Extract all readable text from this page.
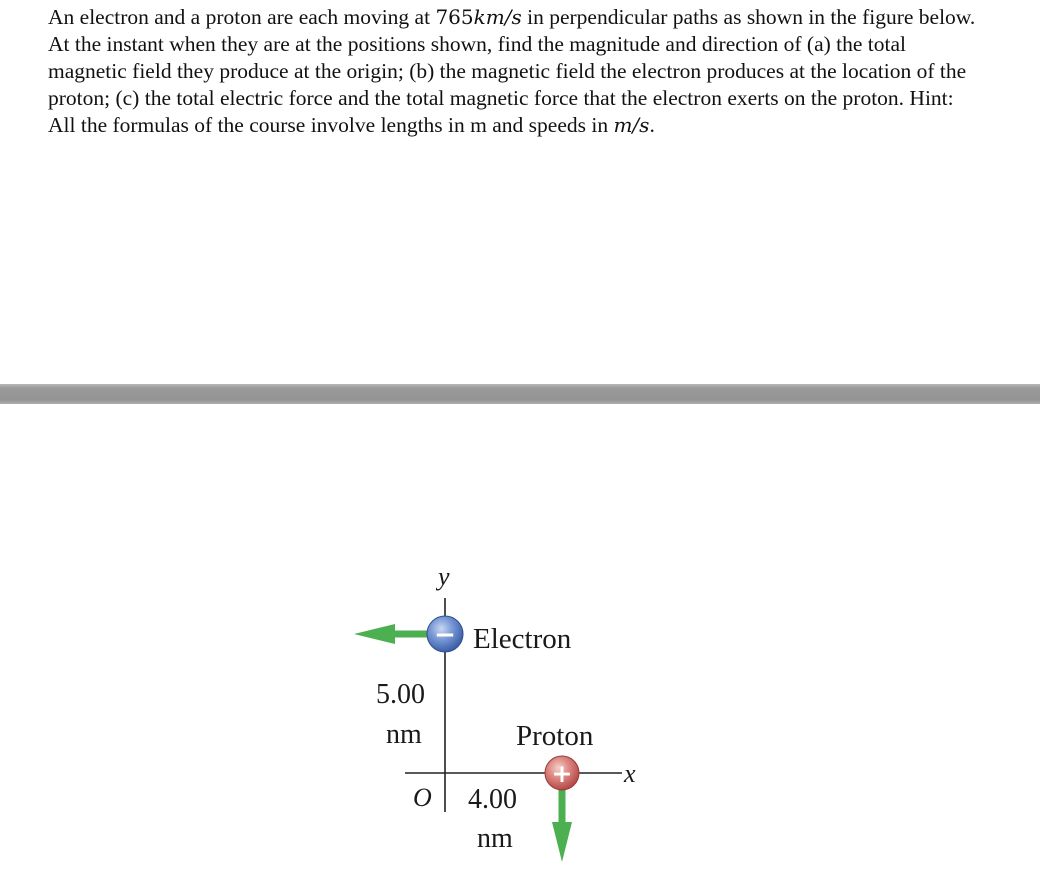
An electron and a proton are each moving at 765km/s in perpendicular paths as shown in the figure below. At the instant when they are at the positions shown, find the magnitude and direction of (a) the total magnetic field they produce at the origin; (b) the magnetic field the electron produces at the location of the proton; (c) the total electric force and the total magnetic force that the electron exerts on the proton. Hint: All the formulas of the course involve lengths in m and speeds in m/s.

y
x
O
− Electron
5.00
nm	Proton
+
4.00
nm
